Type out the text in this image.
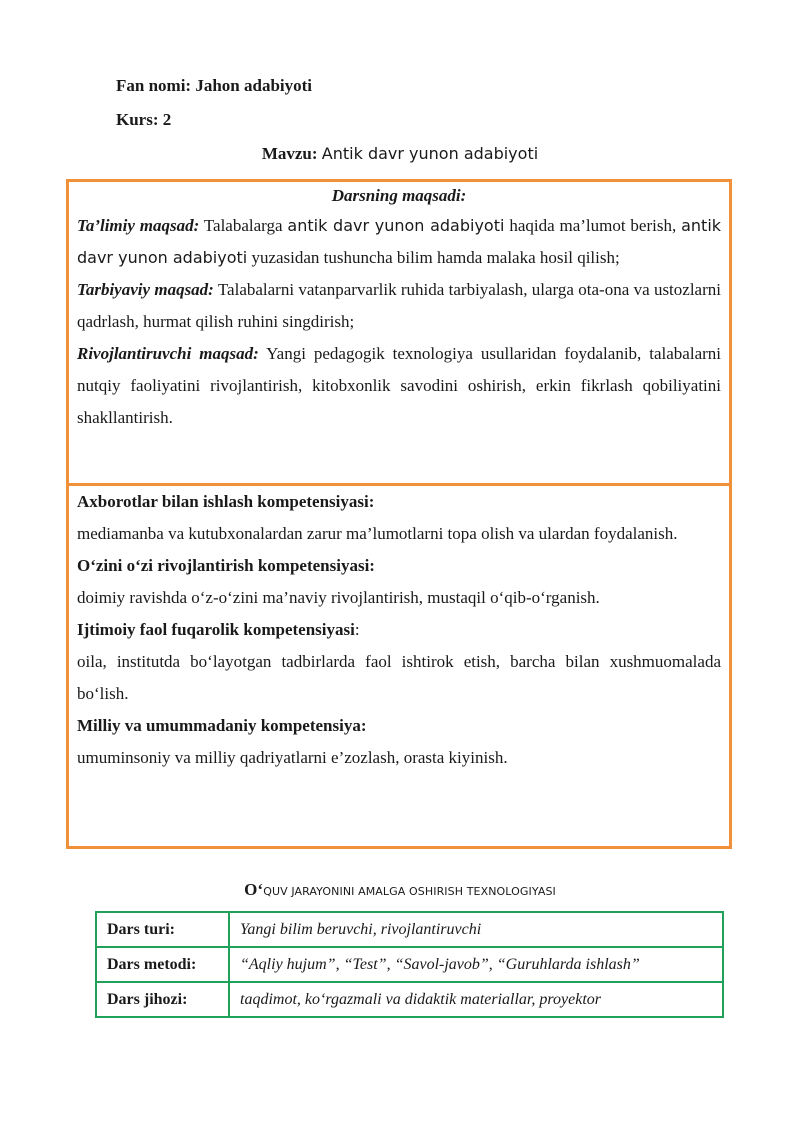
Fan nomi: Jahon adabiyoti
Kurs: 2
Mavzu: Antik davr yunon adabiyoti
Darsning maqsadi:

Ta’limiy maqsad: Talabalarga antik davr yunon adabiyoti haqida ma’lumot berish, antik davr yunon adabiyoti yuzasidan tushuncha bilim hamda malaka hosil qilish;

Tarbiyaviy maqsad: Talabalarni vatanparvarlik ruhida tarbiyalash, ularga ota-ona va ustozlarni qadrlash, hurmat qilish ruhini singdirish;

Rivojlantiruvchi maqsad: Yangi pedagogik texnologiya usullaridan foydalanib, talabalarni nutqiy faoliyatini rivojlantirish, kitobxonlik savodini oshirish, erkin fikrlash qobiliyatini shakllantirish.

Axborotlar bilan ishlash kompetensiyasi:

mediamanba va kutubxonalardan zarur ma’lumotlarni topa olish va ulardan foydalanish.

O‘zini o‘zi rivojlantirish kompetensiyasi:

doimiy ravishda o‘z-o‘zini ma’naviy rivojlantirish, mustaqil o‘qib-o‘rganish.

Ijtimoiy faol fuqarolik kompetensiyasi:

oila, institutda bo‘layotgan tadbirlarda faol ishtirok etish, barcha bilan xushmuomalada bo‘lish.

Milliy va umummadaniy kompetensiya:

umuminsoniy va milliy qadriyatlarni e’zozlash, orasta kiyinish.

O‘QUV JARAYONINI AMALGA OSHIRISH TEXNOLOGIYASI
Dars turi:	Yangi bilim beruvchi, rivojlantiruvchi
Dars metodi:	“Aqliy hujum”, “Test”, “Savol-javob”, “Guruhlarda ishlash”
Dars jihozi:	taqdimot, ko‘rgazmali va didaktik materiallar, proyektor
